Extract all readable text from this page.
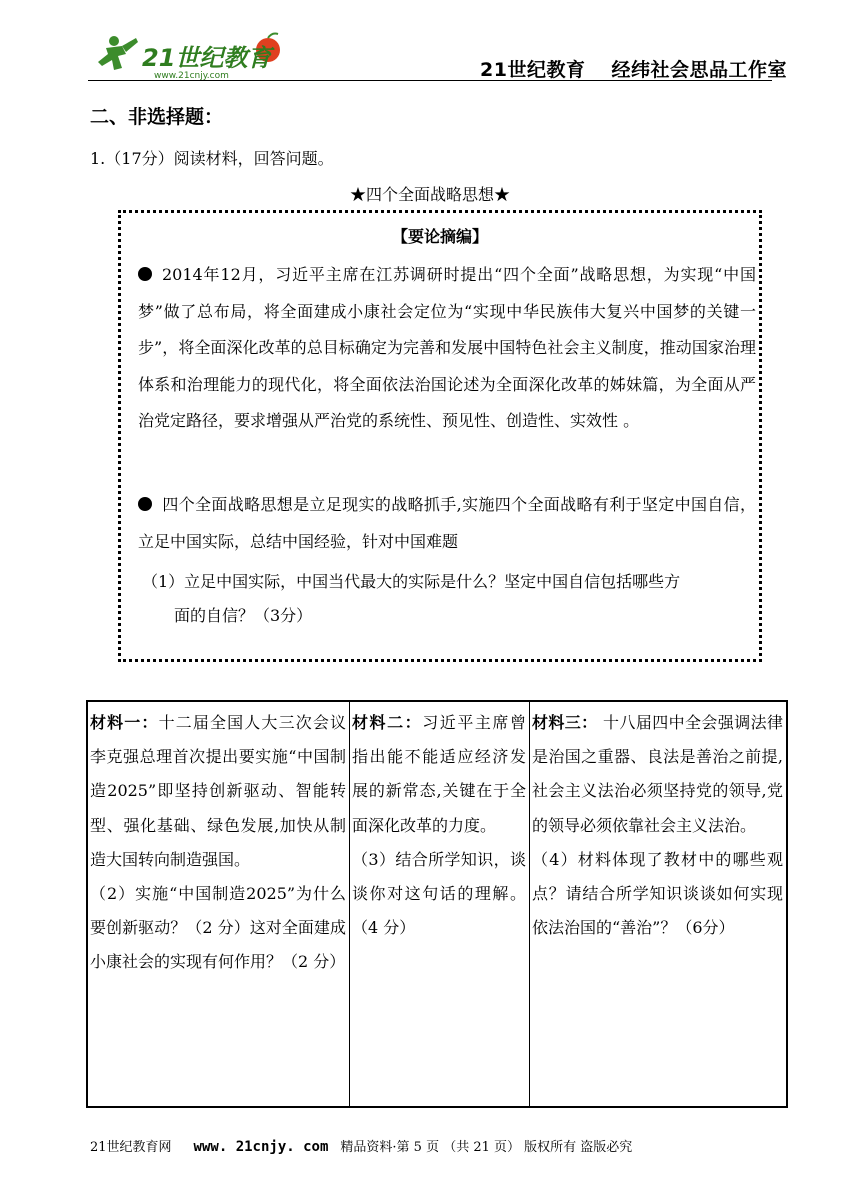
21世纪教育
www.21cnjy.com	21世纪教育 经纬社会思品工作室
二、非选择题：
1.（17分）阅读材料，回答问题。
★四个全面战略思想★
【要论摘编】
2014年12月，习近平主席在江苏调研时提出“四个全面”战略思想，为实现“中国梦”做了总布局，将全面建成小康社会定位为“实现中华民族伟大复兴中国梦的关键一步”，将全面深化改革的总目标确定为完善和发展中国特色社会主义制度，推动国家治理体系和治理能力的现代化，将全面依法治国论述为全面深化改革的姊妹篇，为全面从严治党定路径，要求增强从严治党的系统性、预见性、创造性、实效性 。
四个全面战略思想是立足现实的战略抓手,实施四个全面战略有利于坚定中国自信，立足中国实际，总结中国经验，针对中国难题
（1）立足中国实际，中国当代最大的实际是什么？坚定中国自信包括哪些方
面的自信？（3分）
材料一：十二届全国人大三次会议李克强总理首次提出要实施“中国制造2025”即坚持创新驱动、智能转型、强化基础、绿色发展,加快从制造大国转向制造强国。
（2）实施“中国制造2025”为什么要创新驱动？（2 分）这对全面建成小康社会的实现有何作用？（2 分）
材料二：习近平主席曾指出能不能适应经济发展的新常态,关键在于全面深化改革的力度。
（3）结合所学知识，谈谈你对这句话的理解。（4 分）
材料三： 十八届四中全会强调法律是治国之重器、良法是善治之前提,社会主义法治必须坚持党的领导,党的领导必须依靠社会主义法治。
（4）材料体现了教材中的哪些观点？请结合所学知识谈谈如何实现依法治国的“善治”？（6分）
21世纪教育网 www. 21cnjy. com 精品资料·第 5 页 （共 21 页） 版权所有 盗版必究
